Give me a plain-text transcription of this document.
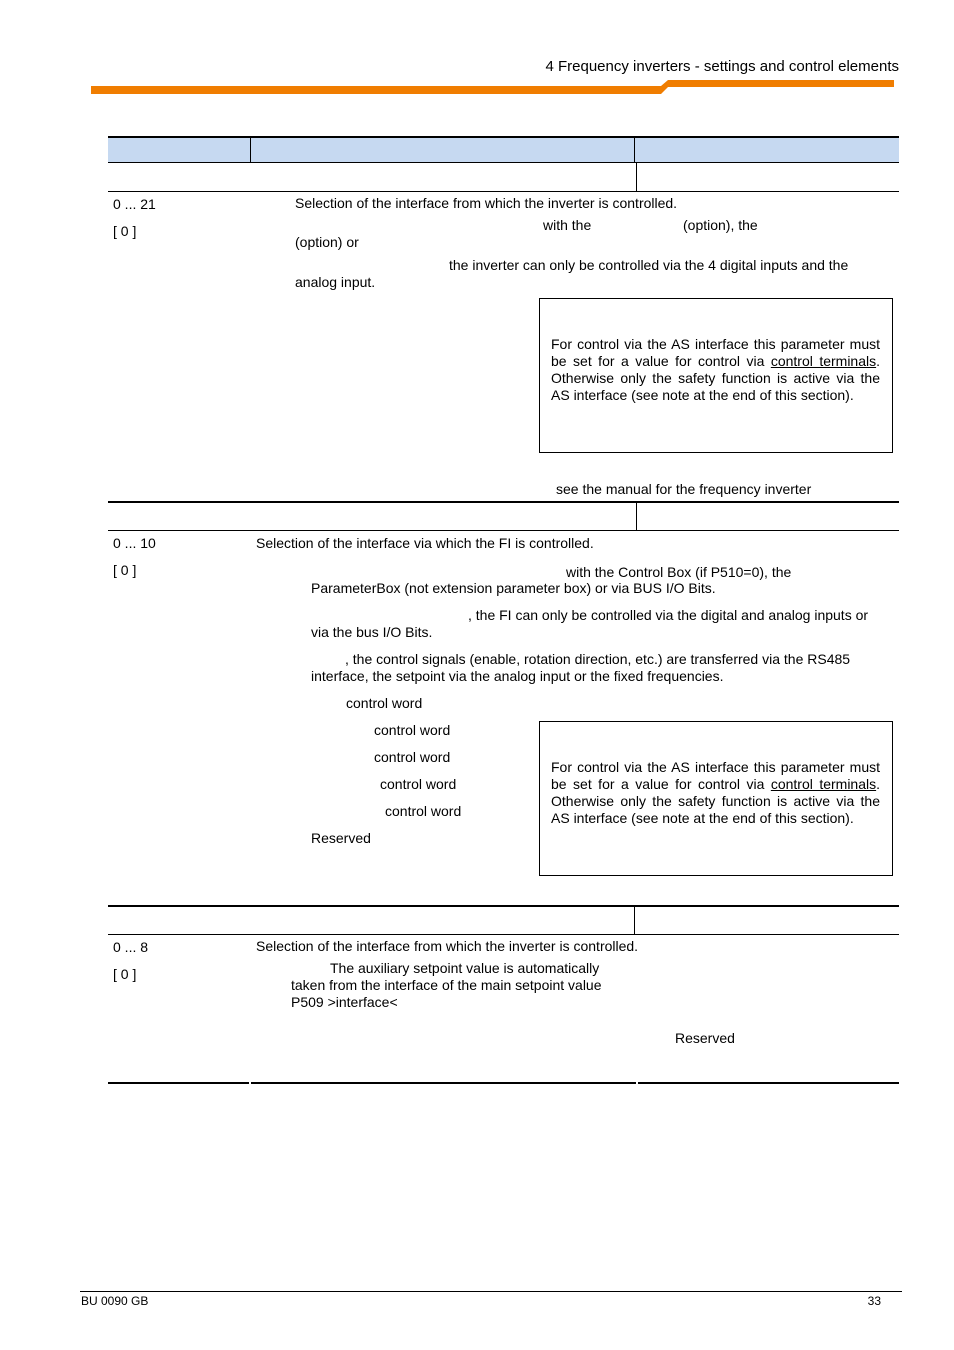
4 Frequency inverters - settings and control elements
0 ... 21
[ 0 ]
Selection of the interface from which the inverter is controlled.
with the	(option), the
(option) or
the inverter can only be controlled via the 4 digital inputs and the
analog input.
For control via the AS interface this parameter must be set for a value for control via control terminals. Otherwise only the safety function is active via the AS interface (see note at the end of this section).
see the manual for the frequency inverter
0 ... 10
[ 0 ]
Selection of the interface via which the FI is controlled.
with the Control Box (if P510=0), the
ParameterBox (not extension parameter box) or via BUS I/O Bits.
, the FI can only be controlled via the digital and analog inputs or
via the bus I/O Bits.
, the control signals (enable, rotation direction, etc.) are transferred via the RS485
interface, the setpoint via the analog input or the fixed frequencies.
control word
control word
control word
control word
control word
Reserved
For control via the AS interface this parameter must be set for a value for control via control terminals. Otherwise only the safety function is active via the AS interface (see note at the end of this section).
0 ... 8
[ 0 ]
Selection of the interface from which the inverter is controlled.
The auxiliary setpoint value is automatically
taken from the interface of the main setpoint value
P509 >interface<
Reserved
BU 0090 GB	33
